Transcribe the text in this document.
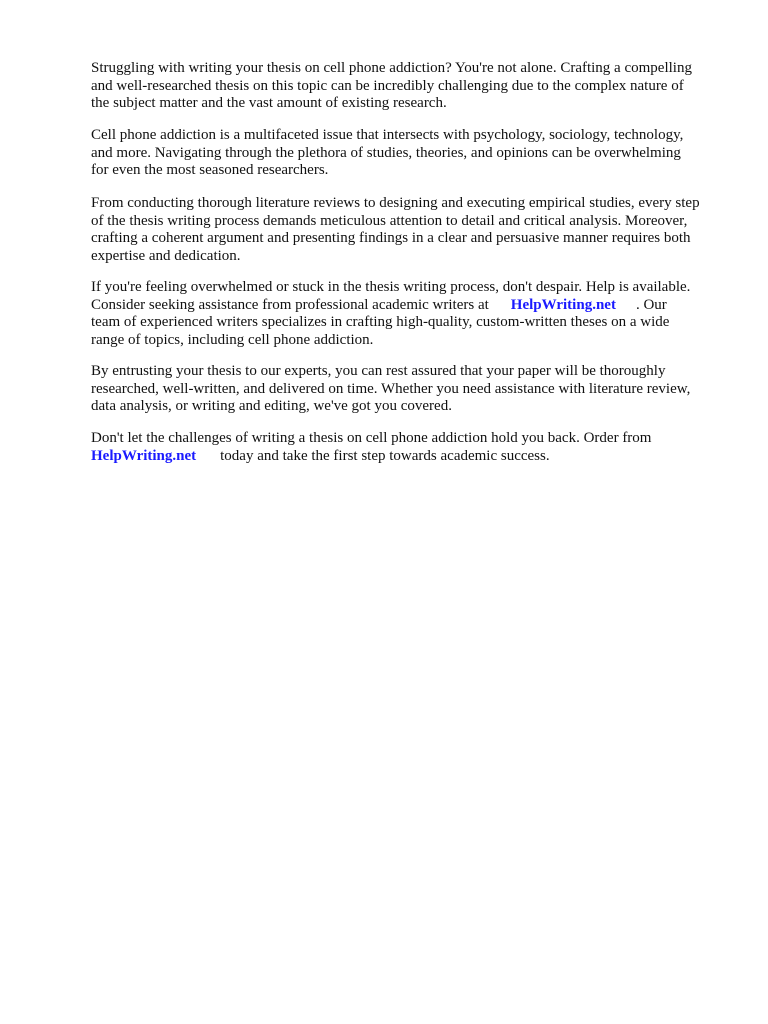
Struggling with writing your thesis on cell phone addiction? You're not alone. Crafting a compelling
and well-researched thesis on this topic can be incredibly challenging due to the complex nature of
the subject matter and the vast amount of existing research.
Cell phone addiction is a multifaceted issue that intersects with psychology, sociology, technology,
and more. Navigating through the plethora of studies, theories, and opinions can be overwhelming
for even the most seasoned researchers.
From conducting thorough literature reviews to designing and executing empirical studies, every step
of the thesis writing process demands meticulous attention to detail and critical analysis. Moreover,
crafting a coherent argument and presenting findings in a clear and persuasive manner requires both
expertise and dedication.
If you're feeling overwhelmed or stuck in the thesis writing process, don't despair. Help is available.
Consider seeking assistance from professional academic writers at HelpWriting.net . Our
team of experienced writers specializes in crafting high-quality, custom-written theses on a wide
range of topics, including cell phone addiction.
By entrusting your thesis to our experts, you can rest assured that your paper will be thoroughly
researched, well-written, and delivered on time. Whether you need assistance with literature review,
data analysis, or writing and editing, we've got you covered.
Don't let the challenges of writing a thesis on cell phone addiction hold you back. Order from
HelpWriting.net today and take the first step towards academic success.
